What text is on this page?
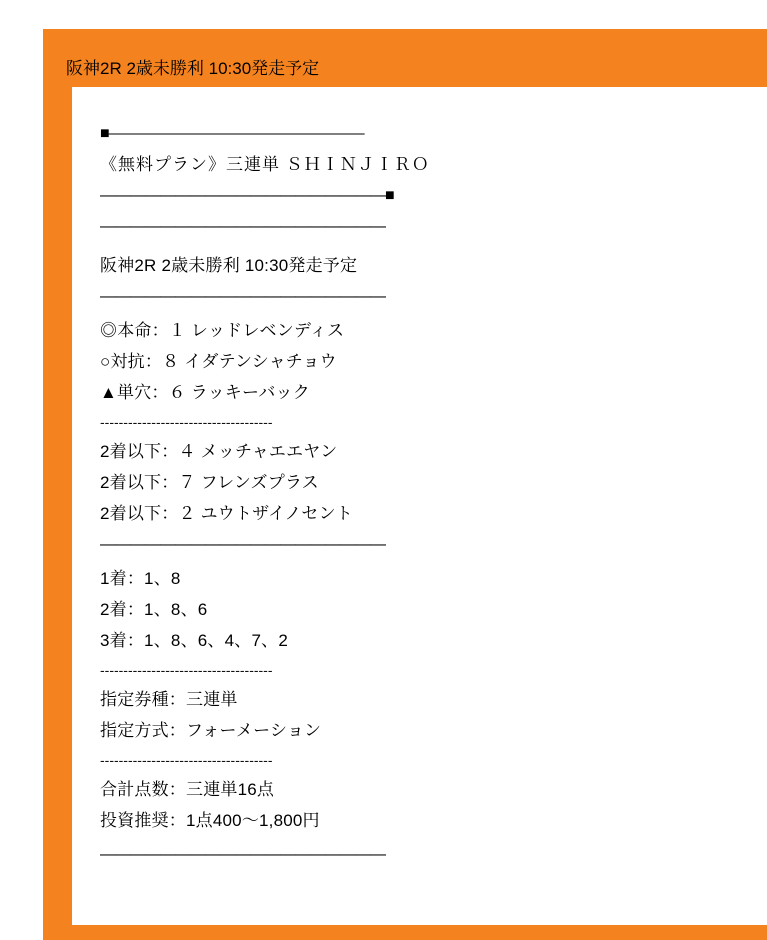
阪神2R 2歳未勝利 10:30発走予定
■—————————————————
《無料プラン》三連単 ＳＨＩＮＪＩＲＯ
———————————————————■
———————————————————
阪神2R 2歳未勝利 10:30発走予定
———————————————————
◎本命：１ レッドレベンディス
○対抗：８ イダテンシャチョウ
▲単穴：６ ラッキーバック
-------------------------------------
2着以下：４ メッチャエエヤン
2着以下：７ フレンズプラス
2着以下：２ ユウトザイノセント
———————————————————
1着：1、8
2着：1、8、6
3着：1、8、6、4、7、2
-------------------------------------
指定券種：三連単
指定方式：フォーメーション
-------------------------------------
合計点数：三連単16点
投資推奨：1点400〜1,800円
———————————————————
